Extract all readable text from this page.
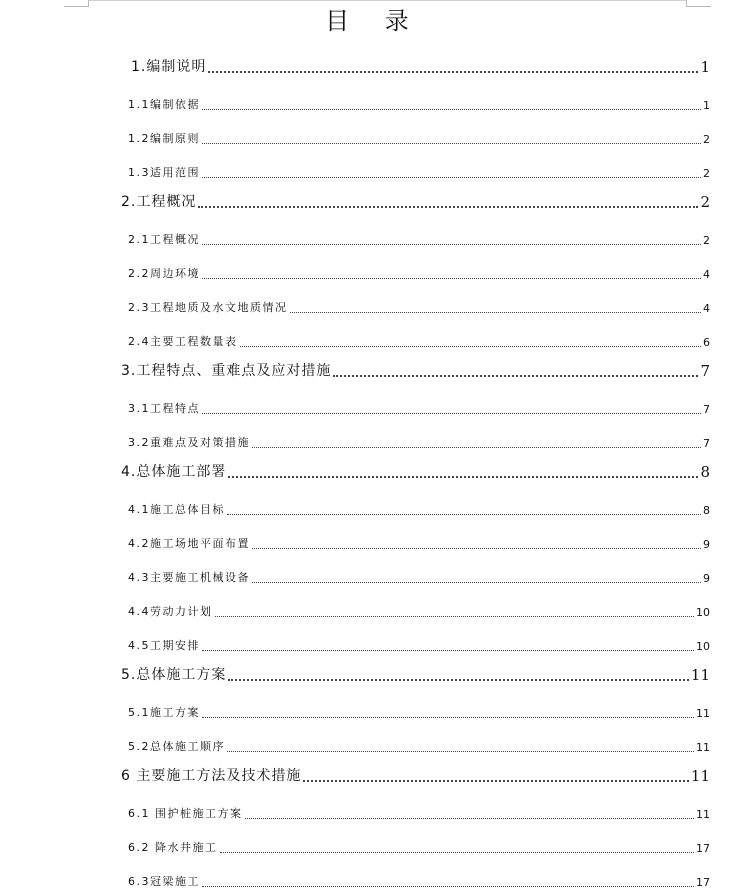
目 录
1.编制说明	1
1.1编制依据	1
1.2编制原则	2
1.3适用范围	2
2.工程概况	2
2.1工程概况	2
2.2周边环境	4
2.3工程地质及水文地质情况	4
2.4主要工程数量表	6
3.工程特点、重难点及应对措施	7
3.1工程特点	7
3.2重难点及对策措施	7
4.总体施工部署	8
4.1施工总体目标	8
4.2施工场地平面布置	9
4.3主要施工机械设备	9
4.4劳动力计划	10
4.5工期安排	10
5.总体施工方案	11
5.1施工方案	11
5.2总体施工顺序	11
6 主要施工方法及技术措施	11
6.1 围护桩施工方案	11
6.2 降水井施工	17
6.3冠梁施工	17
